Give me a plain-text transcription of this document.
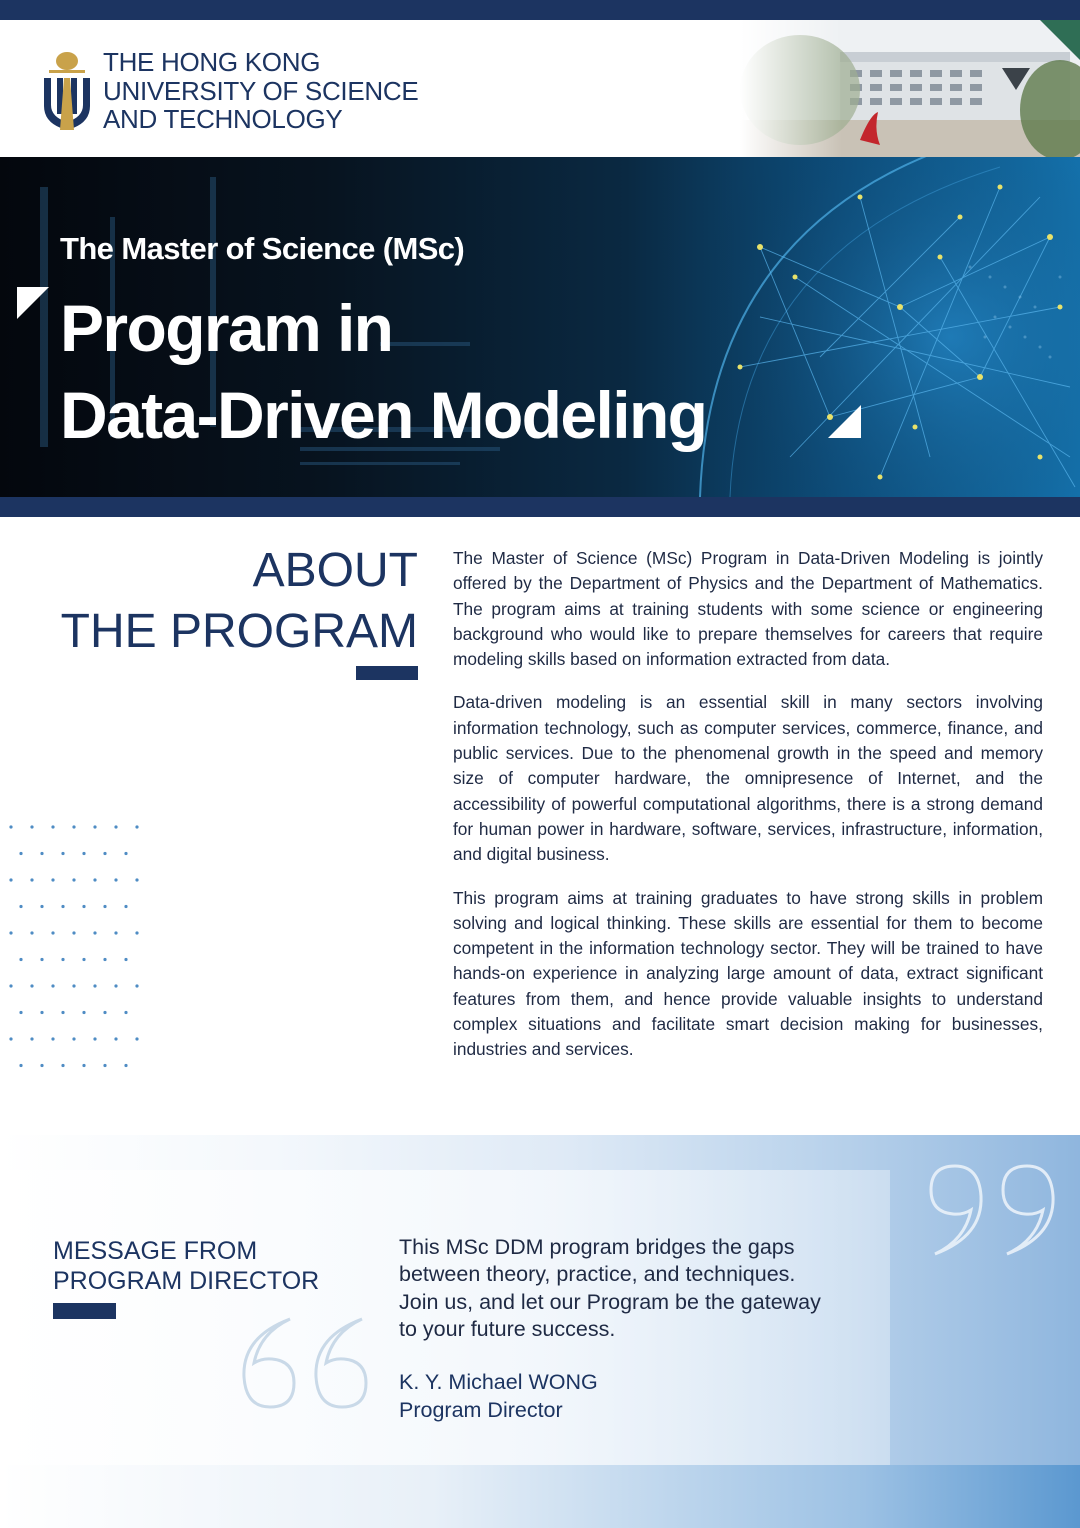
THE HONG KONG
UNIVERSITY OF SCIENCE
AND TECHNOLOGY
The Master of Science (MSc)
Program in
Data-Driven Modeling
ABOUT
THE PROGRAM

The Master of Science (MSc) Program in Data-Driven Modeling is jointly offered by the Department of Physics and the Department of Mathematics. The program aims at training students with some science or engineering background who would like to prepare themselves for careers that require modeling skills based on information extracted from data.

Data-driven modeling is an essential skill in many sectors involving information technology, such as computer services, commerce, finance, and public services. Due to the phenomenal growth in the speed and memory size of computer hardware, the omnipresence of Internet, and the accessibility of powerful computational algorithms, there is a strong demand for human power in hardware, software, services, infrastructure, information, and digital business.

This program aims at training graduates to have strong skills in problem solving and logical thinking. These skills are essential for them to become competent in the information technology sector. They will be trained to have hands-on experience in analyzing large amount of data, extract significant features from them, and hence provide valuable insights to understand complex situations and facilitate smart decision making for businesses, industries and services.

MESSAGE FROM
PROGRAM DIRECTOR
This MSc DDM program bridges the gaps
between theory, practice, and techniques.
Join us, and let our Program be the gateway
to your future success.
K. Y. Michael WONG
Program Director
